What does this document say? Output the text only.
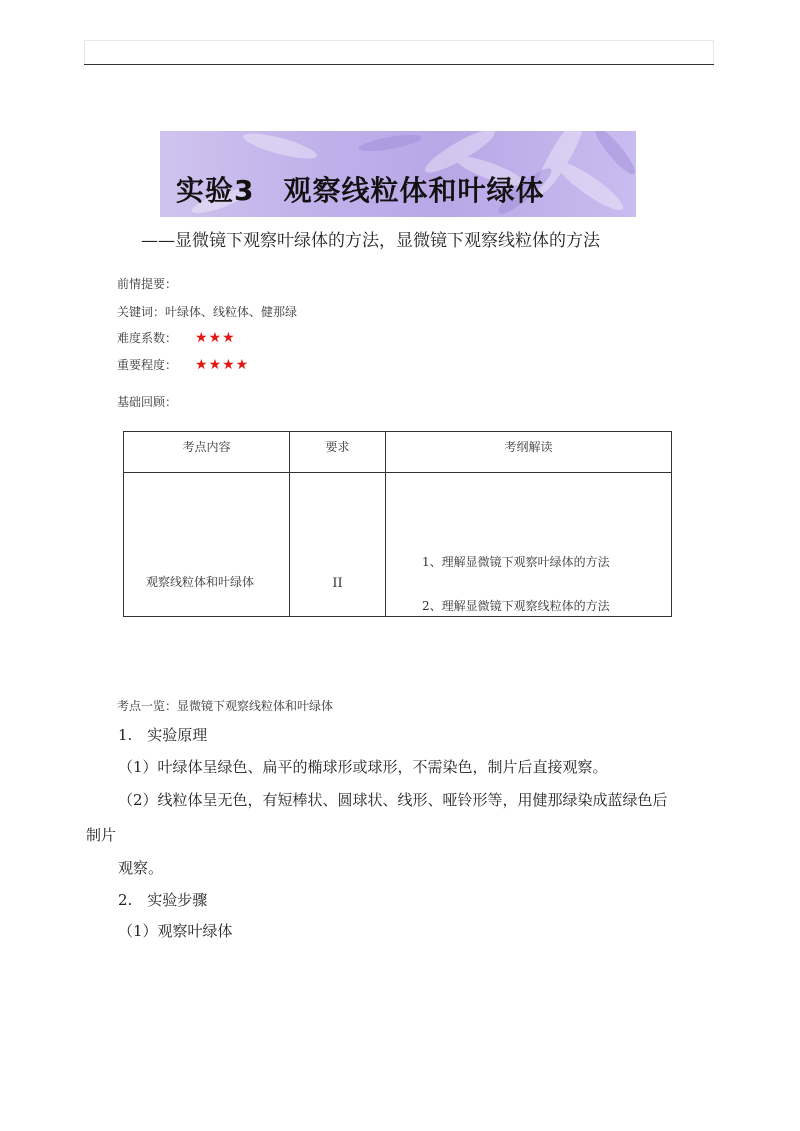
实验3　观察线粒体和叶绿体
——显微镜下观察叶绿体的方法，显微镜下观察线粒体的方法
前情提要：
关键词：叶绿体、线粒体、健那绿
难度系数： ★★★
重要程度： ★★★★
基础回顾：
考点内容	要求	考纲解读

观察线粒体和叶绿体	II	1、理解显微镜下观察叶绿体的方法
2、理解显微镜下观察线粒体的方法
考点一览：显微镜下观察线粒体和叶绿体
1.　实验原理
（1）叶绿体呈绿色、扁平的椭球形或球形，不需染色，制片后直接观察。
（2）线粒体呈无色，有短棒状、圆球状、线形、哑铃形等，用健那绿染成蓝绿色后
制片
观察。
2.　实验步骤
（1）观察叶绿体
